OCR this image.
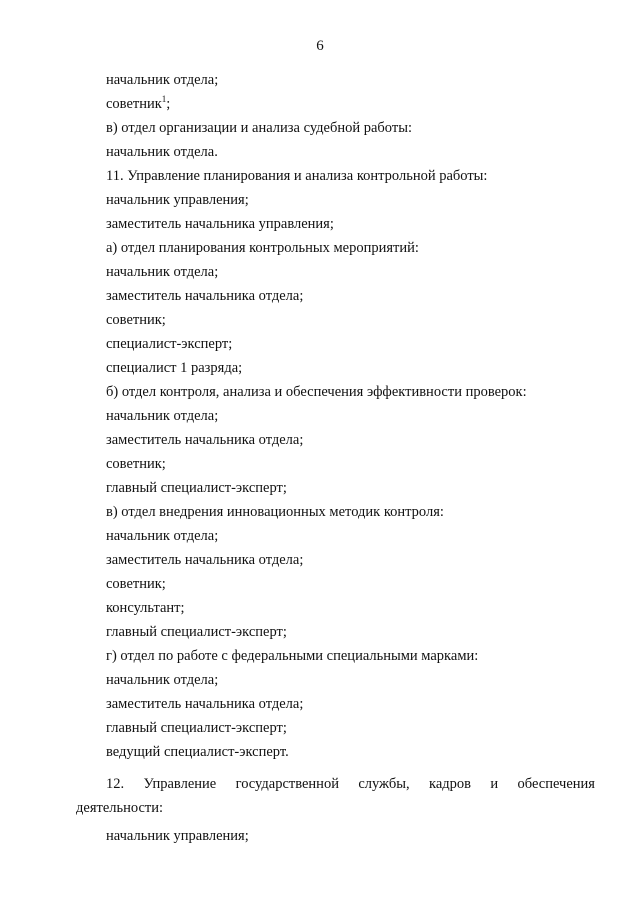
6
начальник отдела;
советник$^1$;
в) отдел организации и анализа судебной работы:
начальник отдела.
11. Управление планирования и анализа контрольной работы:
начальник управления;
заместитель начальника управления;
а) отдел планирования контрольных мероприятий:
начальник отдела;
заместитель начальника отдела;
советник;
специалист-эксперт;
специалист 1 разряда;
б) отдел контроля, анализа и обеспечения эффективности проверок:
начальник отдела;
заместитель начальника отдела;
советник;
главный специалист-эксперт;
в) отдел внедрения инновационных методик контроля:
начальник отдела;
заместитель начальника отдела;
советник;
консультант;
главный специалист-эксперт;
г) отдел по работе с федеральными специальными марками:
начальник отдела;
заместитель начальника отдела;
главный специалист-эксперт;
ведущий специалист-эксперт.
12. Управление государственной службы, кадров и обеспечения
деятельности:
начальник управления;
